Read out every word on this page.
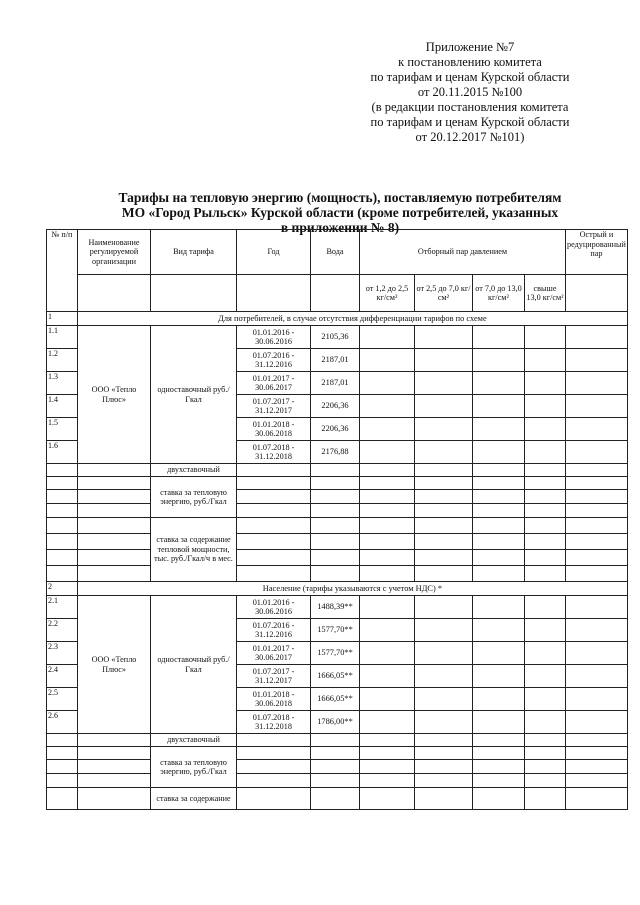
Приложение №7
к постановлению комитета
по тарифам и ценам Курской области
от 20.11.2015 №100
(в редакции постановления комитета
по тарифам и ценам Курской области
от 20.12.2017 №101)
Тарифы на тепловую энергию (мощность), поставляемую потребителям
МО «Город Рыльск» Курской области (кроме потребителей, указанных
в приложении № 8)
№ п/п	Наименование регулируемой организации	Вид тарифа	Год	Вода	Отборный пар давлением				Острый и редуцированный пар
					от 1,2 до 2,5 кг/см²	от 2,5 до 7,0 кг/см²	от 7,0 до 13,0 кг/см²	свыше 13,0 кг/см²	
1	Для потребителей, в случае отсутствия дифференциации тарифов по схеме								
1.1	ООО «Тепло Плюс»	одноставочный руб./Гкал	01.01.2016 - 30.06.2016	2105,36					
1.2			01.07.2016 - 31.12.2016	2187,01					
1.3			01.01.2017 - 30.06.2017	2187,01					
1.4			01.07.2017 - 31.12.2017	2206,36					
1.5			01.01.2018 - 30.06.2018	2206,36					
1.6			01.07.2018 - 31.12.2018	2176,88					
		двухставочный							
		ставка за тепловую энергию, руб./Гкал							

		ставка за содержание тепловой мощности, тыс. руб./Гкал/ч в мес.							

2	Население (тарифы указываются с учетом НДС) *								
2.1	ООО «Тепло Плюс»	одноставочный руб./Гкал	01.01.2016 - 30.06.2016	1488,39**					
2.2			01.07.2016 - 31.12.2016	1577,70**					
2.3			01.01.2017 - 30.06.2017	1577,70**					
2.4			01.07.2017 - 31.12.2017	1666,05**					
2.5			01.01.2018 - 30.06.2018	1666,05**					
2.6			01.07.2018 - 31.12.2018	1786,00**					
		двухставочный							
		ставка за тепловую энергию, руб./Гкал							

		ставка за содержание							
